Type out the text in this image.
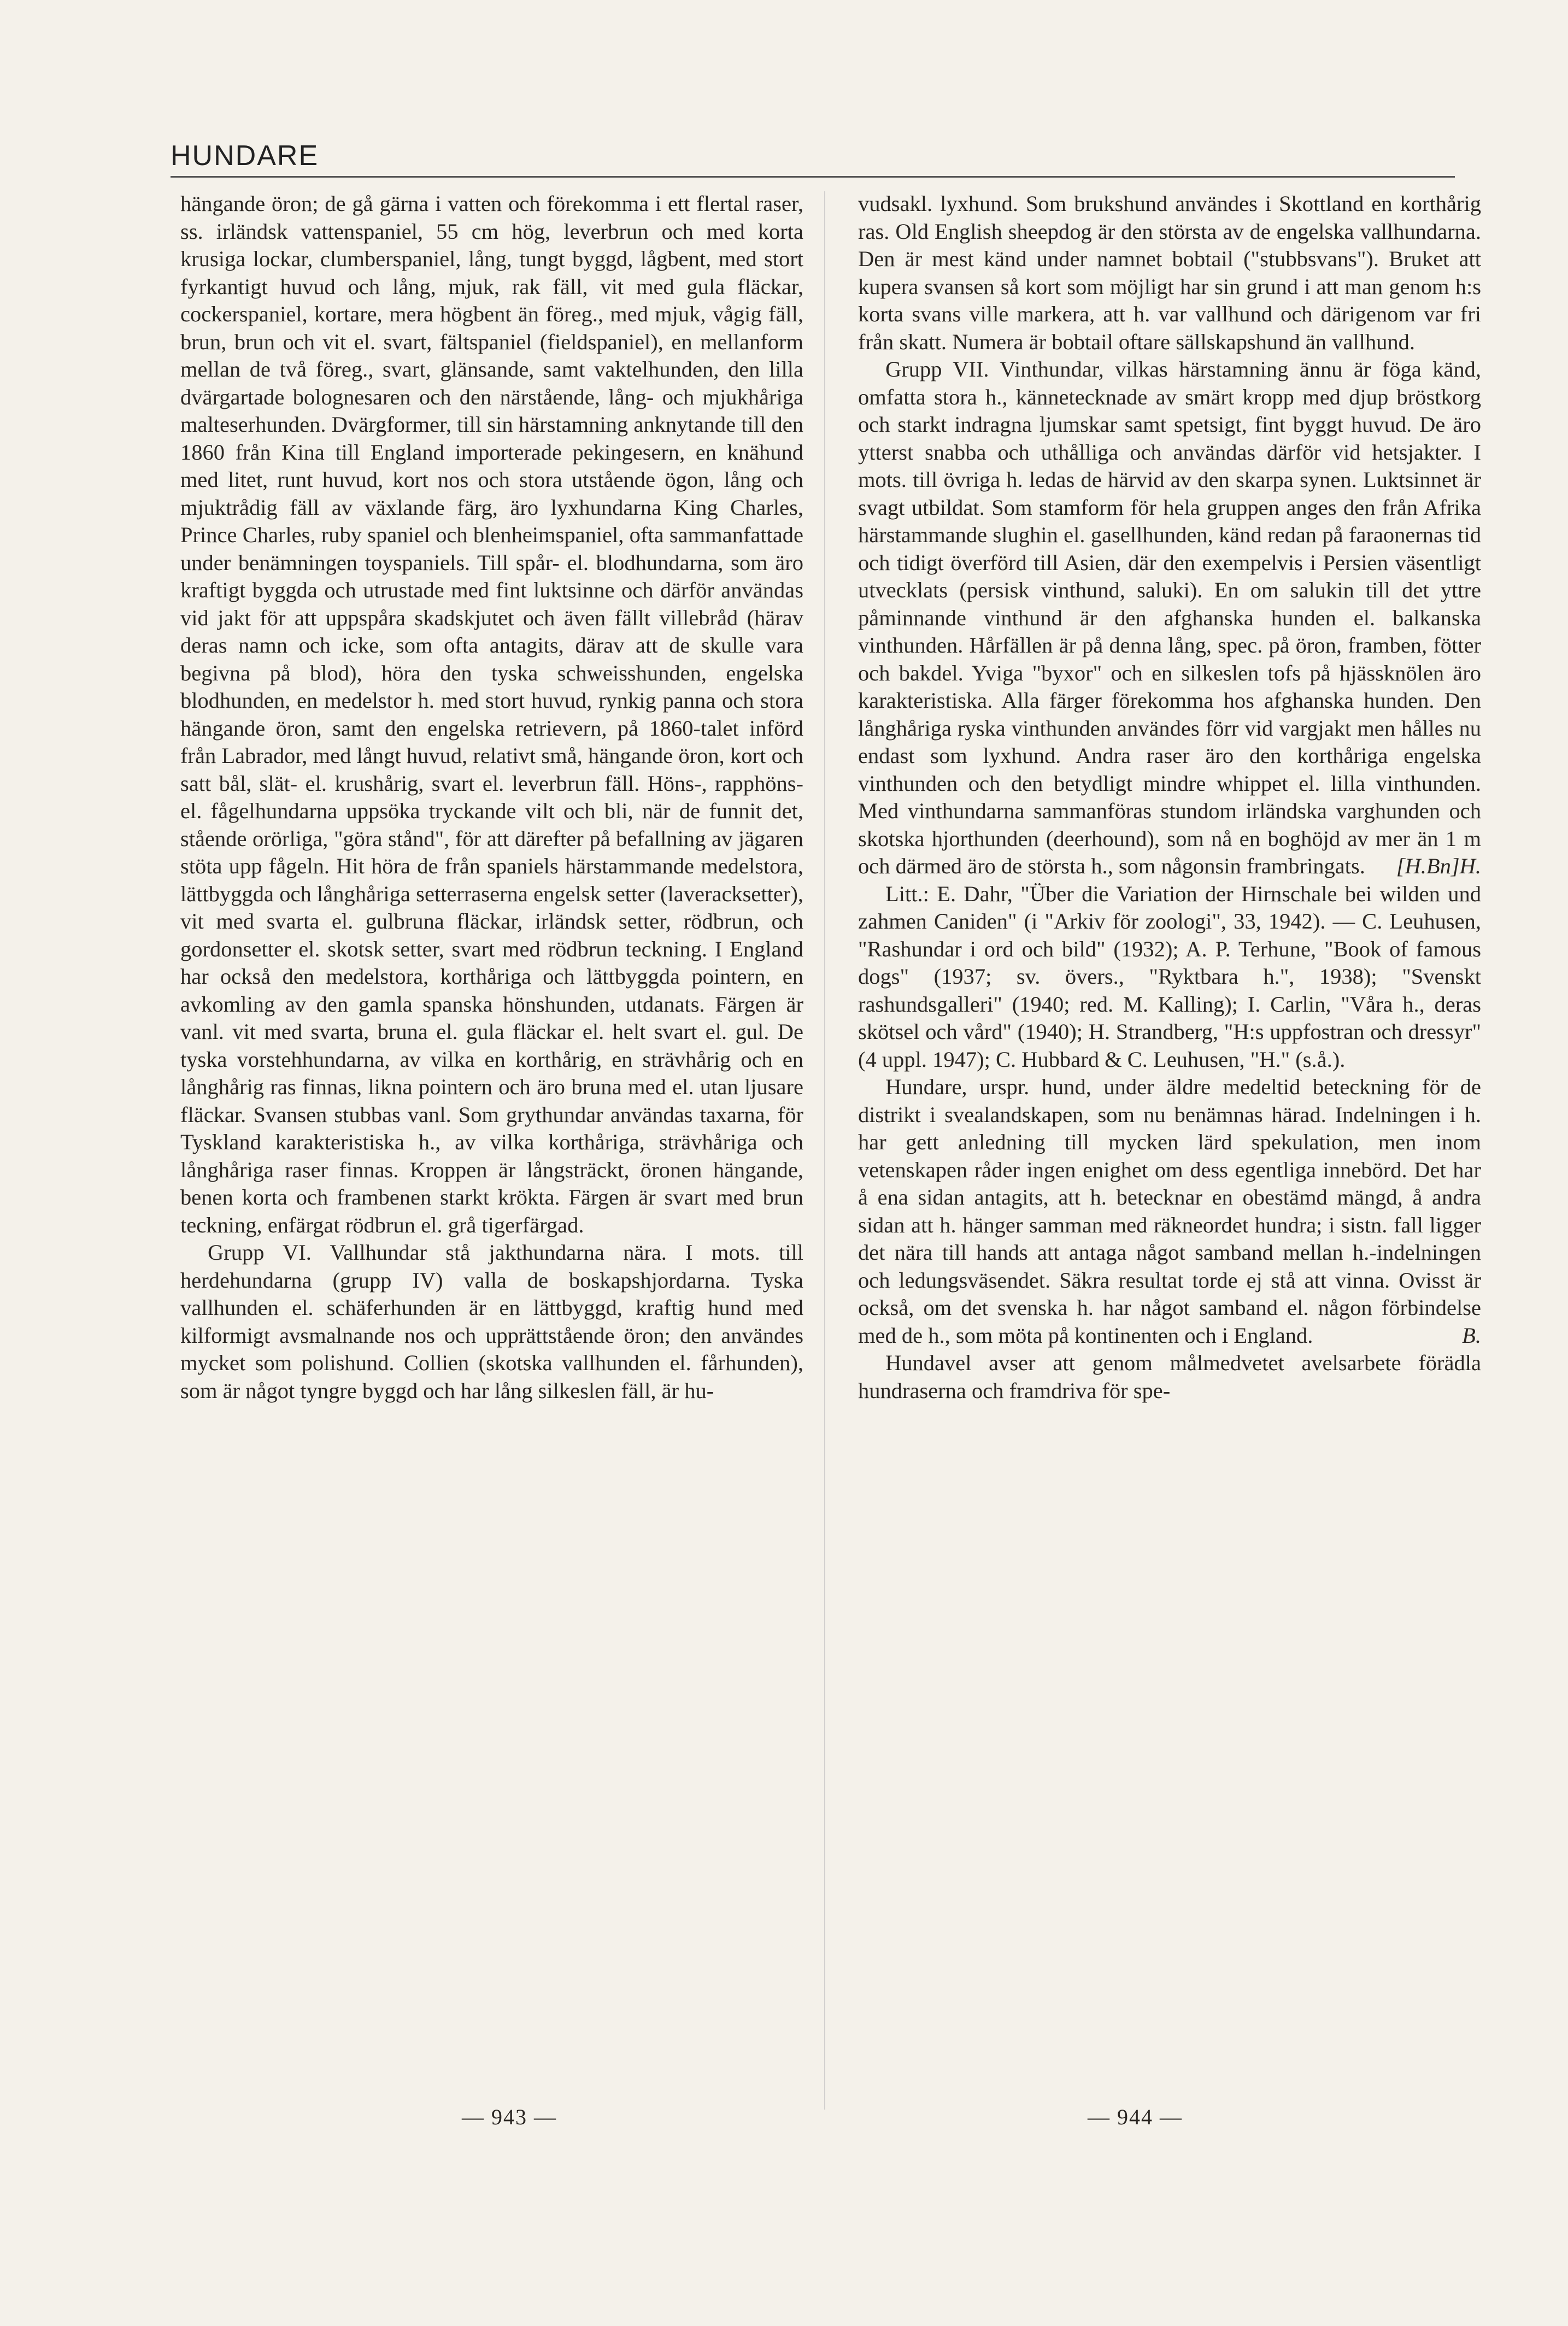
HUNDARE

hängande öron; de gå gärna i vatten och förekomma i ett flertal raser, ss. irländsk vattenspaniel, 55 cm hög, leverbrun och med korta krusiga lockar, clumberspaniel, lång, tungt byggd, lågbent, med stort fyrkantigt huvud och lång, mjuk, rak fäll, vit med gula fläckar, cockerspaniel, kortare, mera högbent än föreg., med mjuk, vågig fäll, brun, brun och vit el. svart, fältspaniel (fieldspaniel), en mellanform mellan de två föreg., svart, glänsande, samt vaktelhunden, den lilla dvärgartade bolognesaren och den närstående, lång- och mjukhåriga malteserhunden. Dvärgformer, till sin härstamning anknytande till den 1860 från Kina till England importerade pekingesern, en knähund med litet, runt huvud, kort nos och stora utstående ögon, lång och mjuktrådig fäll av växlande färg, äro lyxhundarna King Charles, Prince Charles, ruby spaniel och blenheimspaniel, ofta sammanfattade under benämningen toyspaniels. Till spår- el. blodhundarna, som äro kraftigt byggda och utrustade med fint luktsinne och därför användas vid jakt för att uppspåra skadskjutet och även fällt villebråd (härav deras namn och icke, som ofta antagits, därav att de skulle vara begivna på blod), höra den tyska schweisshunden, engelska blodhunden, en medelstor h. med stort huvud, rynkig panna och stora hängande öron, samt den engelska retrievern, på 1860-talet införd från Labrador, med långt huvud, relativt små, hängande öron, kort och satt bål, slät- el. krushårig, svart el. leverbrun fäll. Höns-, rapphöns- el. fågelhundarna uppsöka tryckande vilt och bli, när de funnit det, stående orörliga, "göra stånd", för att därefter på befallning av jägaren stöta upp fågeln. Hit höra de från spaniels härstammande medelstora, lättbyggda och långhåriga setterraserna engelsk setter (laveracksetter), vit med svarta el. gulbruna fläckar, irländsk setter, rödbrun, och gordonsetter el. skotsk setter, svart med rödbrun teckning. I England har också den medelstora, korthåriga och lättbyggda pointern, en avkomling av den gamla spanska hönshunden, utdanats. Färgen är vanl. vit med svarta, bruna el. gula fläckar el. helt svart el. gul. De tyska vorstehhundarna, av vilka en korthårig, en strävhårig och en långhårig ras finnas, likna pointern och äro bruna med el. utan ljusare fläckar. Svansen stubbas vanl. Som grythundar användas taxarna, för Tyskland karakteristiska h., av vilka korthåriga, strävhåriga och långhåriga raser finnas. Kroppen är långsträckt, öronen hängande, benen korta och frambenen starkt krökta. Färgen är svart med brun teckning, enfärgat rödbrun el. grå tigerfärgad.

Grupp VI. Vallhundar stå jakthundarna nära. I mots. till herdehundarna (grupp IV) valla de boskapshjordarna. Tyska vallhunden el. schäferhunden är en lättbyggd, kraftig hund med kilformigt avsmalnande nos och upprättstående öron; den användes mycket som polishund. Collien (skotska vallhunden el. fårhunden), som är något tyngre byggd och har lång silkeslen fäll, är hu-

vudsakl. lyxhund. Som brukshund användes i Skottland en korthårig ras. Old English sheepdog är den största av de engelska vallhundarna. Den är mest känd under namnet bobtail ("stubbsvans"). Bruket att kupera svansen så kort som möjligt har sin grund i att man genom h:s korta svans ville markera, att h. var vallhund och därigenom var fri från skatt. Numera är bobtail oftare sällskapshund än vallhund.

Grupp VII. Vinthundar, vilkas härstamning ännu är föga känd, omfatta stora h., kännetecknade av smärt kropp med djup bröstkorg och starkt indragna ljumskar samt spetsigt, fint byggt huvud. De äro ytterst snabba och uthålliga och användas därför vid hetsjakter. I mots. till övriga h. ledas de härvid av den skarpa synen. Luktsinnet är svagt utbildat. Som stamform för hela gruppen anges den från Afrika härstammande slughin el. gasellhunden, känd redan på faraonernas tid och tidigt överförd till Asien, där den exempelvis i Persien väsentligt utvecklats (persisk vinthund, saluki). En om salukin till det yttre påminnande vinthund är den afghanska hunden el. balkanska vinthunden. Hårfällen är på denna lång, spec. på öron, framben, fötter och bakdel. Yviga "byxor" och en silkeslen tofs på hjässknölen äro karakteristiska. Alla färger förekomma hos afghanska hunden. Den långhåriga ryska vinthunden användes förr vid vargjakt men hålles nu endast som lyxhund. Andra raser äro den korthåriga engelska vinthunden och den betydligt mindre whippet el. lilla vinthunden. Med vinthundarna sammanföras stundom irländska varghunden och skotska hjorthunden (deerhound), som nå en boghöjd av mer än 1 m och därmed äro de största h., som någonsin frambringats.	[H.Bn]H.

Litt.: E. Dahr, "Über die Variation der Hirnschale bei wilden und zahmen Caniden" (i "Arkiv för zoologi", 33, 1942). — C. Leuhusen, "Rashundar i ord och bild" (1932); A. P. Terhune, "Book of famous dogs" (1937; sv. övers., "Ryktbara h.", 1938); "Svenskt rashundsgalleri" (1940; red. M. Kalling); I. Carlin, "Våra h., deras skötsel och vård" (1940); H. Strandberg, "H:s uppfostran och dressyr" (4 uppl. 1947); C. Hubbard & C. Leuhusen, "H." (s.å.).

Hundare, urspr. hund, under äldre medeltid beteckning för de distrikt i svealandskapen, som nu benämnas härad. Indelningen i h. har gett anledning till mycken lärd spekulation, men inom vetenskapen råder ingen enighet om dess egentliga innebörd. Det har å ena sidan antagits, att h. betecknar en obestämd mängd, å andra sidan att h. hänger samman med räkneordet hundra; i sistn. fall ligger det nära till hands att antaga något samband mellan h.-indelningen och ledungsväsendet. Säkra resultat torde ej stå att vinna. Ovisst är också, om det svenska h. har något samband el. någon förbindelse med de h., som möta på kontinenten och i England.	B.

Hundavel avser att genom målmedvetet avelsarbete förädla hundraserna och framdriva för spe-

— 943 —	— 944 —
